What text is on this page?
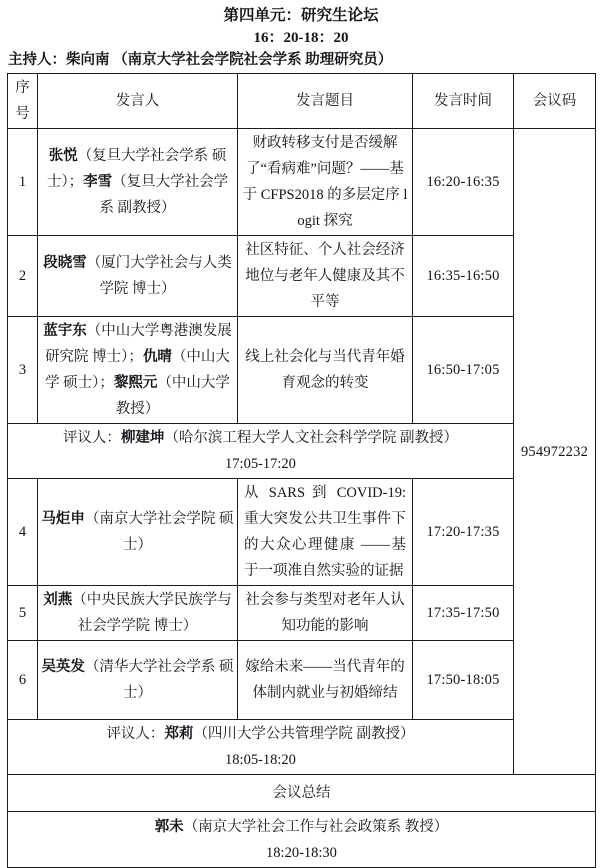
第四单元：研究生论坛

16：20-18：20

主持人：柴向南 （南京大学社会学院社会学系 助理研究员）

序号	发言人	发言题目	发言时间	会议码
1	张悦（复旦大学社会学系 硕士）；李雪（复旦大学社会学系 副教授）	财政转移支付是否缓解了“看病难”问题？——基于 CFPS2018 的多层定序 logit 探究	16:20-16:35	954972232
2	段晓雪（厦门大学社会与人类学院 博士）	社区特征、个人社会经济地位与老年人健康及其不平等	16:35-16:50	
3	蓝宇东（中山大学粤港澳发展研究院 博士）；仇晴（中山大学 硕士）；黎熙元（中山大学 教授）	线上社会化与当代青年婚育观念的转变	16:50-17:05	

评议人：柳建坤（哈尔滨工程大学人文社会科学学院 副教授）
17:05-17:20				

4	马炬申（南京大学社会学院 硕士）	从 SARS 到 COVID-19: 重大突发公共卫生事件下的大众心理健康 ——基于一项准自然实验的证据	17:20-17:35	
5	刘燕（中央民族大学民族学与社会学学院 博士）	社会参与类型对老年人认知功能的影响	17:35-17:50	
6	吴英发（清华大学社会学系 硕士）	嫁给未来——当代青年的体制内就业与初婚缔结	17:50-18:05	

评议人：郑莉（四川大学公共管理学院 副教授）
18:05-18:20				

会议总结				

郭未（南京大学社会工作与社会政策系 教授）
18:20-18:30				
